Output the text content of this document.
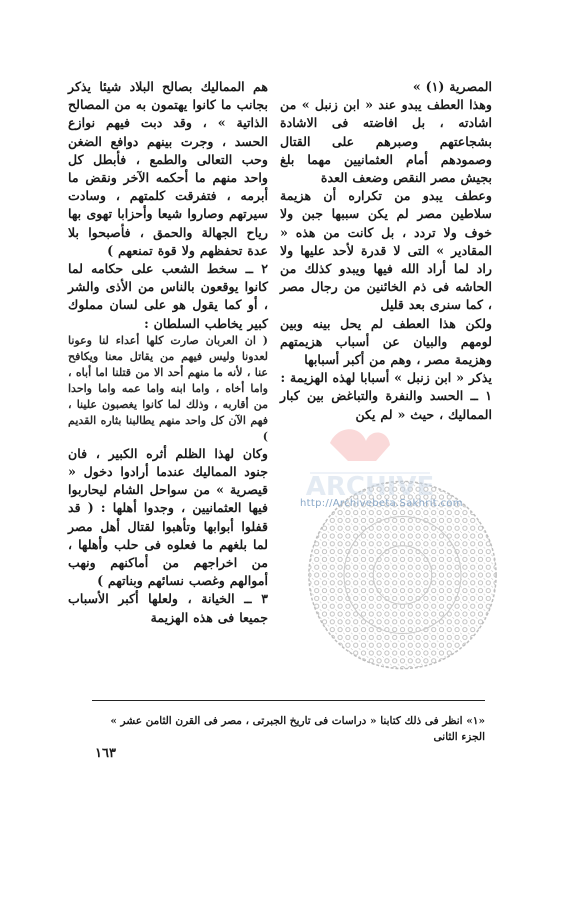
المصرية (١) »
وهذا العطف يبدو عند « ابن زنبل » من اشادته ، بل افاضته فى الاشادة بشجاعتهم وصبرهم على القتال وصمودهم أمام العثمانيين مهما بلغ بجيش مصر النقص وضعف العدة

وعطف يبدو من تكراره أن هزيمة سلاطين مصر لم يكن سببها جبن ولا خوف ولا تردد ، بل كانت من هذه « المقادير » التى لا قدرة لأحد عليها ولا راد لما أراد الله فيها ويبدو كذلك من الحاشه فى ذم الخائنين من رجال مصر ، كما سنرى بعد قليل

ولكن هذا العطف لم يحل بينه وبين لومهم والبيان عن أسباب هزيمتهم وهزيمة مصر ، وهم من أكبر أسبابها

يذكر « ابن زنبل » أسبابا لهذه الهزيمة :
١ ــ الحسد والنفرة والتباغض بين كبار المماليك ، حيث « لم يكن

هم المماليك بصالح البلاد شيئا يذكر بجانب ما كانوا يهتمون به من المصالح الذاتية » ، وقد دبت فيهم نوازع الحسد ، وجرت بينهم دوافع الضغن وحب التعالى والطمع ، فأبطل كل واحد منهم ما أحكمه الآخر ونقض ما أبرمه ، فتفرقت كلمتهم ، وسادت سيرتهم وصاروا شيعا وأحزابا تهوى بها رياح الجهالة والحمق ، فأصبحوا بلا عدة تحفظهم ولا قوة تمنعهم )

٢ ــ سخط الشعب على حكامه لما كانوا يوقعون بالناس من الأذى والشر ، أو كما يقول هو على لسان مملوك كبير يخاطب السلطان :

( ان العربان صارت كلها أعداء لنا وعونا لعدونا وليس فيهم من يقاتل معنا ويكافح عنا ، لأنه ما منهم أحد الا من قتلنا اما أباه ، واما أخاه ، واما ابنه واما عمه واما واحدا من أقاربه ، وذلك لما كانوا يغصبون علينا ، فهم الآن كل واحد منهم يطالبنا بثاره القديم )

وكان لهذا الظلم أثره الكبير ، فان جنود المماليك عندما أرادوا دخول « قيصرية » من سواحل الشام ليحاربوا فيها العثمانيين ، وجدوا أهلها : ( قد قفلوا أبوابها وتأهبوا لقتال أهل مصر لما بلغهم ما فعلوه فى حلب وأهلها ، من اخراجهم من أماكنهم ونهب أموالهم وغصب نسائهم وبناتهم )

٣ ــ الخيانة ، ولعلها أكبر الأسباب جميعا فى هذه الهزيمة

ARCHIVE
http://Archivebeta.Sakhrit.com
«١» انظر فى ذلك كتابنا « دراسات فى تاريخ الجبرتى ، مصر فى القرن الثامن عشر » الجزء الثانى
١٦٣
